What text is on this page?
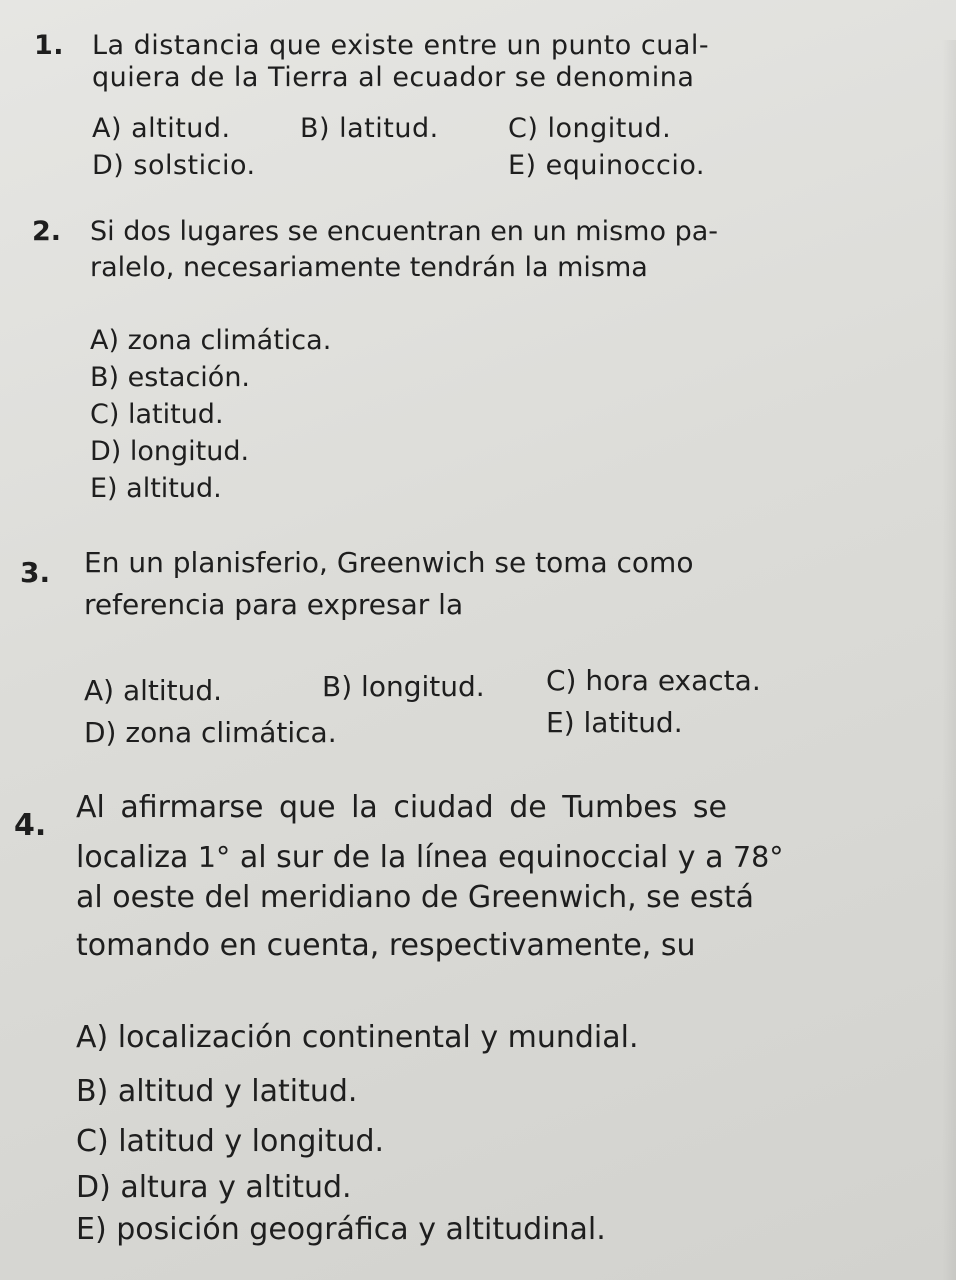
1. La distancia que existe entre un punto cual-
quiera de la Tierra al ecuador se denomina
A) altitud.	B) latitud.	C) longitud.
D) solsticio.	E) equinoccio.
2. Si dos lugares se encuentran en un mismo pa-
ralelo, necesariamente tendrán la misma
A) zona climática.
B) estación.
C) latitud.
D) longitud.
E) altitud.
3. En un planisferio, Greenwich se toma como
referencia para expresar la
A) altitud.	B) longitud. C) hora exacta.
D) zona climática.	E) latitud.
4.
Al afirmarse que la ciudad de Tumbes se
localiza 1° al sur de la línea equinoccial y a 78°
al oeste del meridiano de Greenwich, se está
tomando en cuenta, respectivamente, su
A) localización continental y mundial.
B) altitud y latitud.
C) latitud y longitud.
D) altura y altitud.
E) posición geográfica y altitudinal.
